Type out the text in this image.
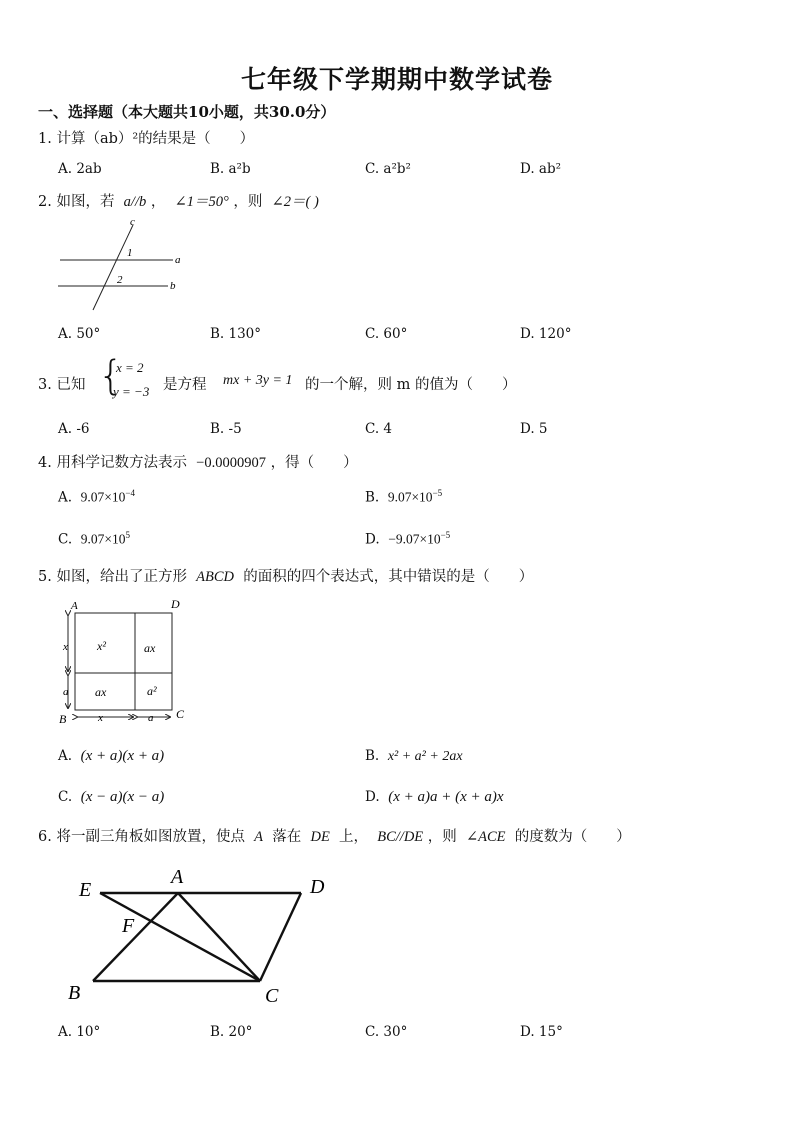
七年级下学期期中数学试卷
一、选择题（本大题共10小题，共30.0分）
1. 计算（ab）²的结果是（　　）
A. 2ab	B. a²b	C. a²b²	D. ab²
2. 如图，若 a//b ，  ∠1＝50° ，则 ∠2＝( )
c
a
b
1
2
A. 50°	B. 130°	C. 60°	D. 120°
3. 已知 {
x = 2
y = −3 是方程 mx + 3y = 1 的一个解，则 m 的值为（　　）
A. -6	B. -5	C. 4	D. 5
4. 用科学记数方法表示 −0.0000907 ，得（　　）
A. $9.07\times 10^{-4}$	B. $9.07\times 10^{-5}$
C. $9.07\times 10^5$	D. $-9.07\times 10^{-5}$
5. 如图，给出了正方形 ABCD 的面积的四个表达式，其中错误的是（　　）
A	D
B	C
x
a
x	a
x²	ax
ax	a²
A. (x + a)(x + a)	B. x² + a² + 2ax
C. (x − a)(x − a)	D. (x + a)a + (x + a)x
6. 将一副三角板如图放置，使点 A 落在 DE 上， BC//DE ，则 ∠ACE 的度数为（　　）
E
A	D
F
B	C
A. 10°	B. 20°	C. 30°	D. 15°
